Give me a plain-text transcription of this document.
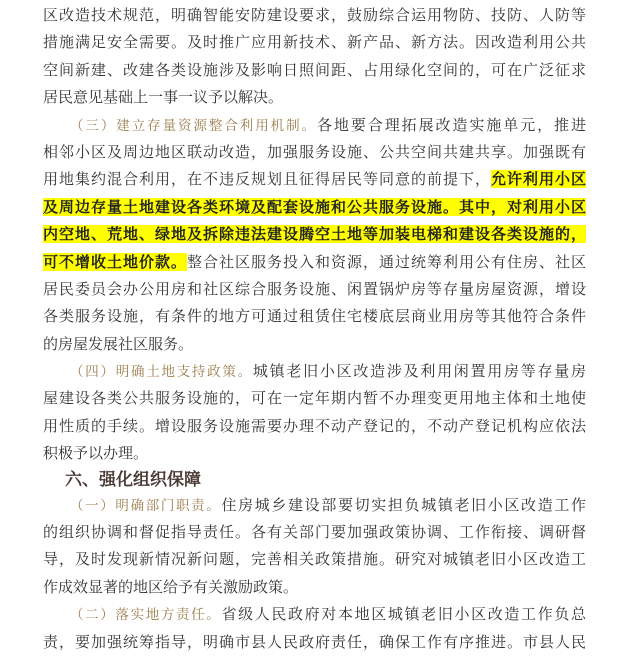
区改造技术规范，明确智能安防建设要求，鼓励综合运用物防、技防、人防等
措施满足安全需要。及时推广应用新技术、新产品、新方法。因改造利用公共
空间新建、改建各类设施涉及影响日照间距、占用绿化空间的，可在广泛征求
居民意见基础上一事一议予以解决。
（三）建立存量资源整合利用机制。各地要合理拓展改造实施单元，推进
相邻小区及周边地区联动改造，加强服务设施、公共空间共建共享。加强既有
用地集约混合利用，在不违反规划且征得居民等同意的前提下，允许利用小区
及周边存量土地建设各类环境及配套设施和公共服务设施。其中，对利用小区
内空地、荒地、绿地及拆除违法建设腾空土地等加装电梯和建设各类设施的，
可不增收土地价款。整合社区服务投入和资源，通过统筹利用公有住房、社区
居民委员会办公用房和社区综合服务设施、闲置锅炉房等存量房屋资源，增设
各类服务设施，有条件的地方可通过租赁住宅楼底层商业用房等其他符合条件
的房屋发展社区服务。
（四）明确土地支持政策。城镇老旧小区改造涉及利用闲置用房等存量房
屋建设各类公共服务设施的，可在一定年期内暂不办理变更用地主体和土地使
用性质的手续。增设服务设施需要办理不动产登记的，不动产登记机构应依法
积极予以办理。
六、强化组织保障
（一）明确部门职责。住房城乡建设部要切实担负城镇老旧小区改造工作
的组织协调和督促指导责任。各有关部门要加强政策协调、工作衔接、调研督
导，及时发现新情况新问题，完善相关政策措施。研究对城镇老旧小区改造工
作成效显著的地区给予有关激励政策。
（二）落实地方责任。省级人民政府对本地区城镇老旧小区改造工作负总
责，要加强统筹指导，明确市县人民政府责任，确保工作有序推进。市县人民
